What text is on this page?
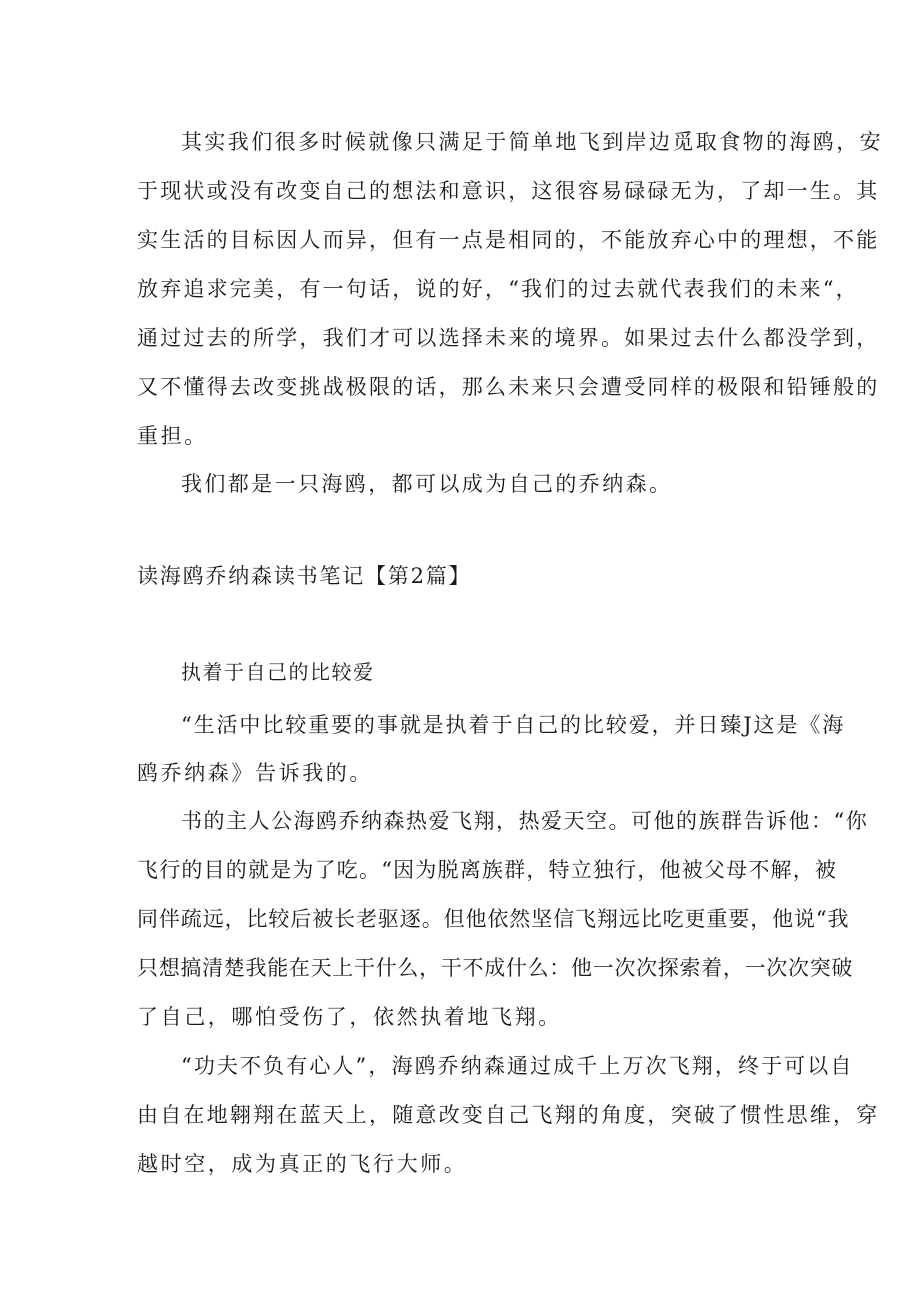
其实我们很多时候就像只满足于简单地飞到岸边觅取食物的海鸥，安

于现状或没有改变自己的想法和意识，这很容易碌碌无为，了却一生。其

实生活的目标因人而异，但有一点是相同的，不能放弃心中的理想，不能

放弃追求完美，有一句话，说的好，“我们的过去就代表我们的未来“，

通过过去的所学，我们才可以选择未来的境界。如果过去什么都没学到，

又不懂得去改变挑战极限的话，那么未来只会遭受同样的极限和铅锤般的

重担。

我们都是一只海鸥，都可以成为自己的乔纳森。

读海鸥乔纳森读书笔记【第2篇】

执着于自己的比较爱

“生活中比较重要的事就是执着于自己的比较爱，并日臻J这是《海

鸥乔纳森》告诉我的。

书的主人公海鸥乔纳森热爱飞翔，热爱天空。可他的族群告诉他：“你

飞行的目的就是为了吃。“因为脱离族群，特立独行，他被父母不解，被

同伴疏远，比较后被长老驱逐。但他依然坚信飞翔远比吃更重要，他说“我

只想搞清楚我能在天上干什么，干不成什么：他一次次探索着，一次次突破

了自己，哪怕受伤了，依然执着地飞翔。

“功夫不负有心人”，海鸥乔纳森通过成千上万次飞翔，终于可以自

由自在地翱翔在蓝天上，随意改变自己飞翔的角度，突破了惯性思维，穿

越时空，成为真正的飞行大师。
